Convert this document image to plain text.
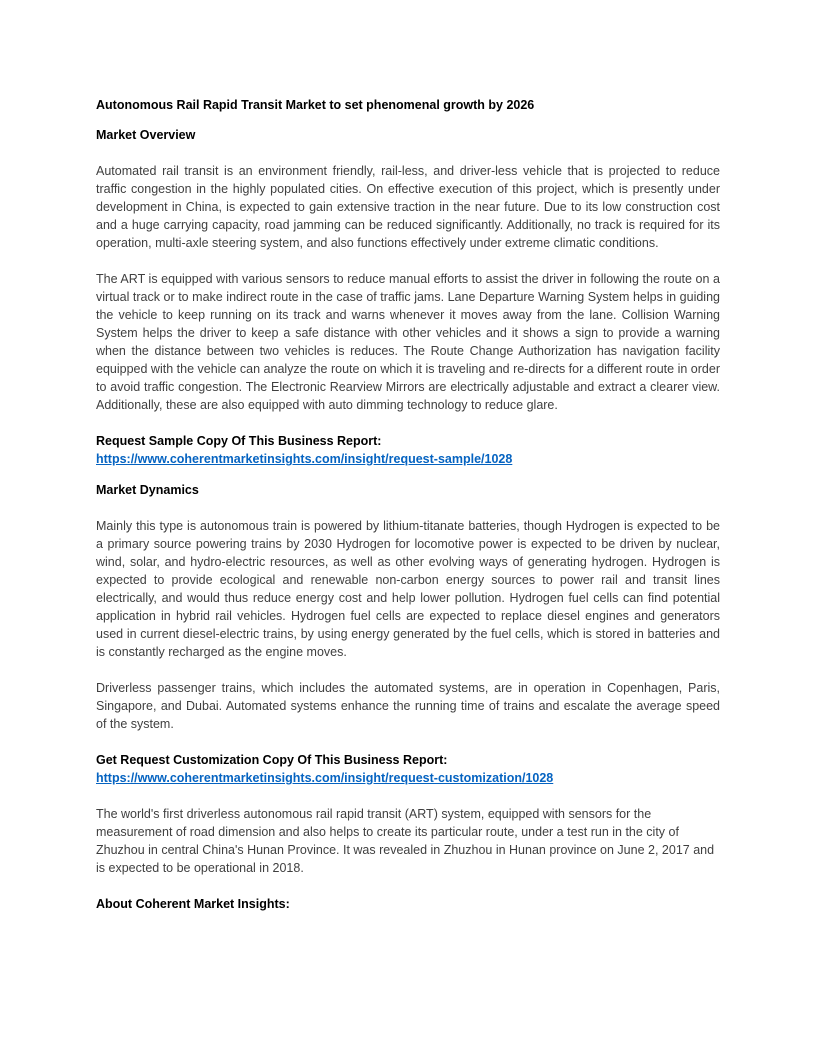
Autonomous Rail Rapid Transit Market to set phenomenal growth by 2026

Market Overview

Automated rail transit is an environment friendly, rail-less, and driver-less vehicle that is projected to reduce traffic congestion in the highly populated cities. On effective execution of this project, which is presently under development in China, is expected to gain extensive traction in the near future. Due to its low construction cost and a huge carrying capacity, road jamming can be reduced significantly. Additionally, no track is required for its operation, multi-axle steering system, and also functions effectively under extreme climatic conditions.

The ART is equipped with various sensors to reduce manual efforts to assist the driver in following the route on a virtual track or to make indirect route in the case of traffic jams. Lane Departure Warning System helps in guiding the vehicle to keep running on its track and warns whenever it moves away from the lane. Collision Warning System helps the driver to keep a safe distance with other vehicles and it shows a sign to provide a warning when the distance between two vehicles is reduces. The Route Change Authorization has navigation facility equipped with the vehicle can analyze the route on which it is traveling and re-directs for a different route in order to avoid traffic congestion. The Electronic Rearview Mirrors are electrically adjustable and extract a clearer view. Additionally, these are also equipped with auto dimming technology to reduce glare.

Request Sample Copy Of This Business Report:

https://www.coherentmarketinsights.com/insight/request-sample/1028

Market Dynamics

Mainly this type is autonomous train is powered by lithium-titanate batteries, though Hydrogen is expected to be a primary source powering trains by 2030 Hydrogen for locomotive power is expected to be driven by nuclear, wind, solar, and hydro-electric resources, as well as other evolving ways of generating hydrogen. Hydrogen is expected to provide ecological and renewable non-carbon energy sources to power rail and transit lines electrically, and would thus reduce energy cost and help lower pollution. Hydrogen fuel cells can find potential application in hybrid rail vehicles. Hydrogen fuel cells are expected to replace diesel engines and generators used in current diesel-electric trains, by using energy generated by the fuel cells, which is stored in batteries and is constantly recharged as the engine moves.

Driverless passenger trains, which includes the automated systems, are in operation in Copenhagen, Paris, Singapore, and Dubai. Automated systems enhance the running time of trains and escalate the average speed of the system.

Get Request Customization Copy Of This Business Report:

https://www.coherentmarketinsights.com/insight/request-customization/1028

The world's first driverless autonomous rail rapid transit (ART) system, equipped with sensors for the measurement of road dimension and also helps to create its particular route, under a test run in the city of Zhuzhou in central China's Hunan Province. It was revealed in Zhuzhou in Hunan province on June 2, 2017 and is expected to be operational in 2018.

About Coherent Market Insights:
